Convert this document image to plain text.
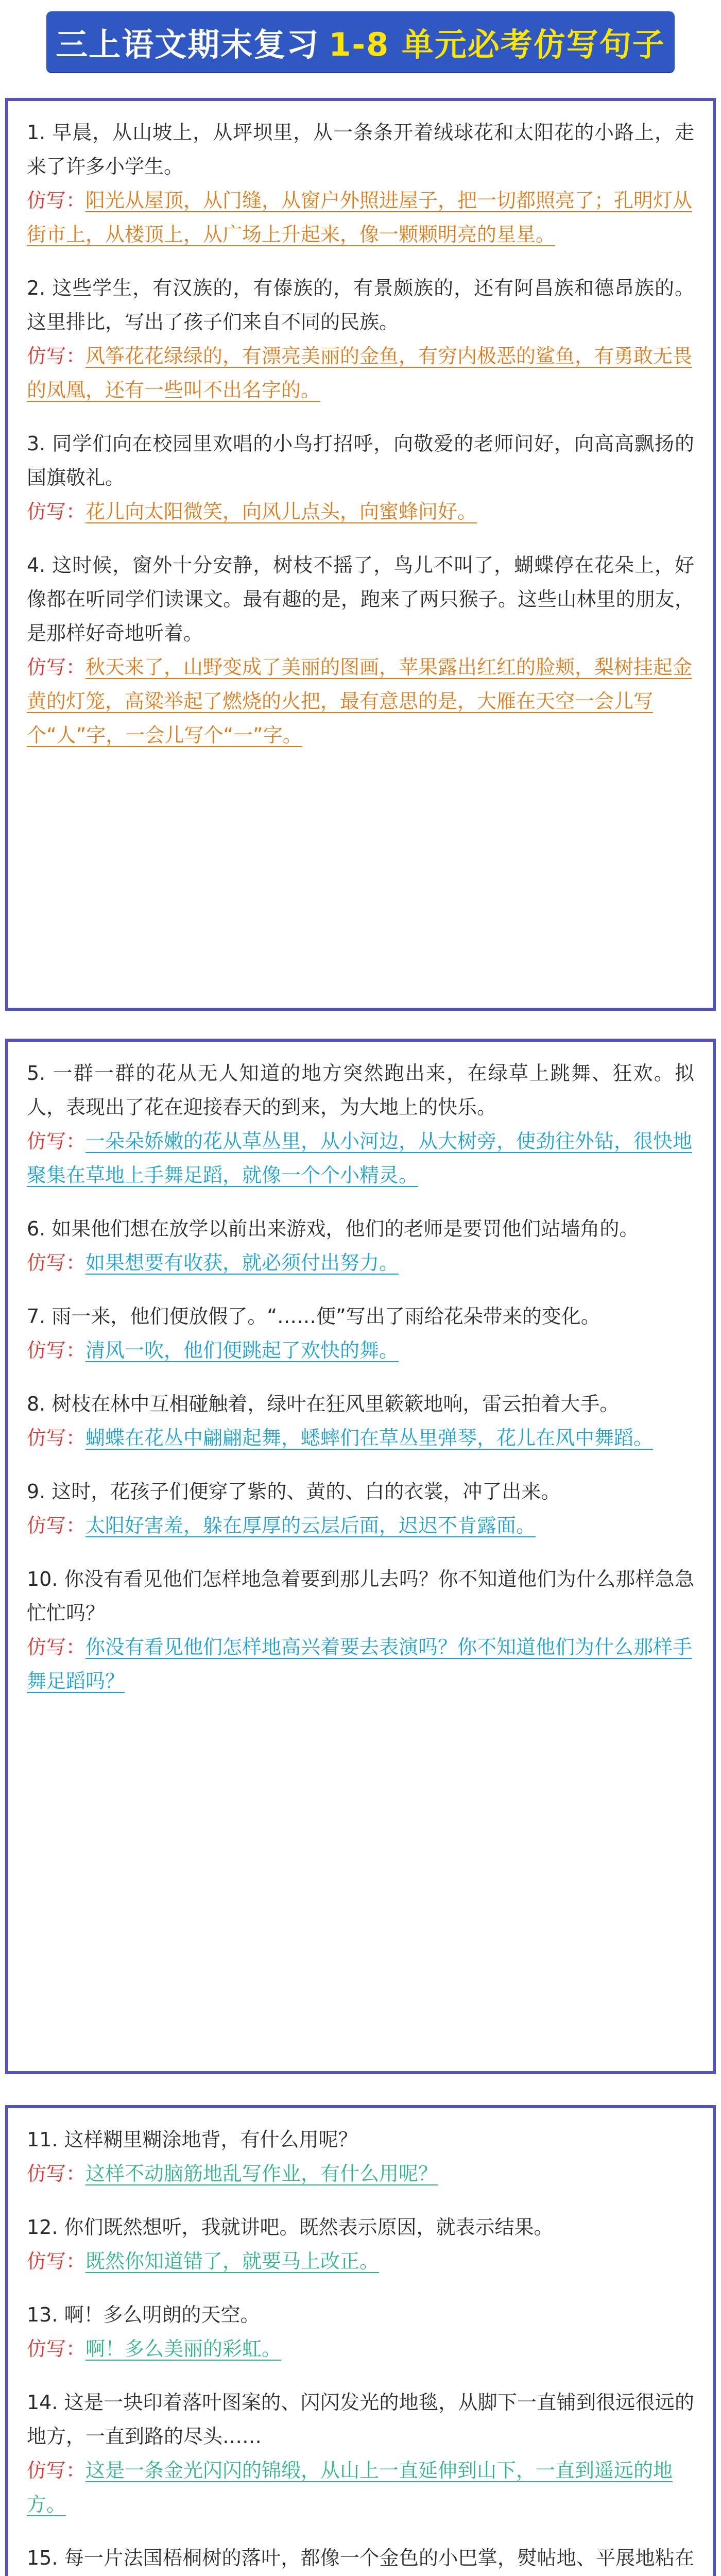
三上语文期末复习 1-8 单元必考仿写句子

1. 早晨，从山坡上，从坪坝里，从一条条开着绒球花和太阳花的小路上，走来了许多小学生。

仿写：阳光从屋顶，从门缝，从窗户外照进屋子，把一切都照亮了；孔明灯从街市上，从楼顶上，从广场上升起来，像一颗颗明亮的星星。

2. 这些学生，有汉族的，有傣族的，有景颇族的，还有阿昌族和德昂族的。这里排比，写出了孩子们来自不同的民族。

仿写：风筝花花绿绿的，有漂亮美丽的金鱼，有穷内极恶的鲨鱼，有勇敢无畏的凤凰，还有一些叫不出名字的。

3. 同学们向在校园里欢唱的小鸟打招呼，向敬爱的老师问好，向高高飘扬的国旗敬礼。

仿写：花儿向太阳微笑，向风儿点头，向蜜蜂问好。

4. 这时候，窗外十分安静，树枝不摇了，鸟儿不叫了，蝴蝶停在花朵上，好像都在听同学们读课文。最有趣的是，跑来了两只猴子。这些山林里的朋友，是那样好奇地听着。

仿写：秋天来了，山野变成了美丽的图画，苹果露出红红的脸颊，梨树挂起金黄的灯笼，高粱举起了燃烧的火把，最有意思的是，大雁在天空一会儿写个“人”字，一会儿写个“一”字。

5. 一群一群的花从无人知道的地方突然跑出来，在绿草上跳舞、狂欢。拟人，表现出了花在迎接春天的到来，为大地上的快乐。

仿写：一朵朵娇嫩的花从草丛里，从小河边，从大树旁，使劲往外钻，很快地聚集在草地上手舞足蹈，就像一个个小精灵。

6. 如果他们想在放学以前出来游戏，他们的老师是要罚他们站墙角的。

仿写：如果想要有收获，就必须付出努力。

7. 雨一来，他们便放假了。“……便”写出了雨给花朵带来的变化。

仿写：清风一吹，他们便跳起了欢快的舞。

8. 树枝在林中互相碰触着，绿叶在狂风里簌簌地响，雷云拍着大手。

仿写：蝴蝶在花丛中翩翩起舞，蟋蟀们在草丛里弹琴，花儿在风中舞蹈。

9. 这时，花孩子们便穿了紫的、黄的、白的衣裳，冲了出来。

仿写：太阳好害羞，躲在厚厚的云层后面，迟迟不肯露面。

10. 你没有看见他们怎样地急着要到那儿去吗？你不知道他们为什么那样急急忙忙吗？

仿写：你没有看见他们怎样地高兴着要去表演吗？你不知道他们为什么那样手舞足蹈吗？

11. 这样糊里糊涂地背，有什么用呢？

仿写：这样不动脑筋地乱写作业，有什么用呢？

12. 你们既然想听，我就讲吧。既然表示原因，就表示结果。

仿写：既然你知道错了，就要马上改正。

13. 啊！多么明朗的天空。

仿写：啊！多么美丽的彩虹。

14. 这是一块印着落叶图案的、闪闪发光的地毯，从脚下一直铺到很远很远的地方，一直到路的尽头……

仿写：这是一条金光闪闪的锦缎，从山上一直延伸到山下，一直到遥远的地方。

15. 每一片法国梧桐树的落叶，都像一个金色的小巴掌，熨帖地、平展地粘在
